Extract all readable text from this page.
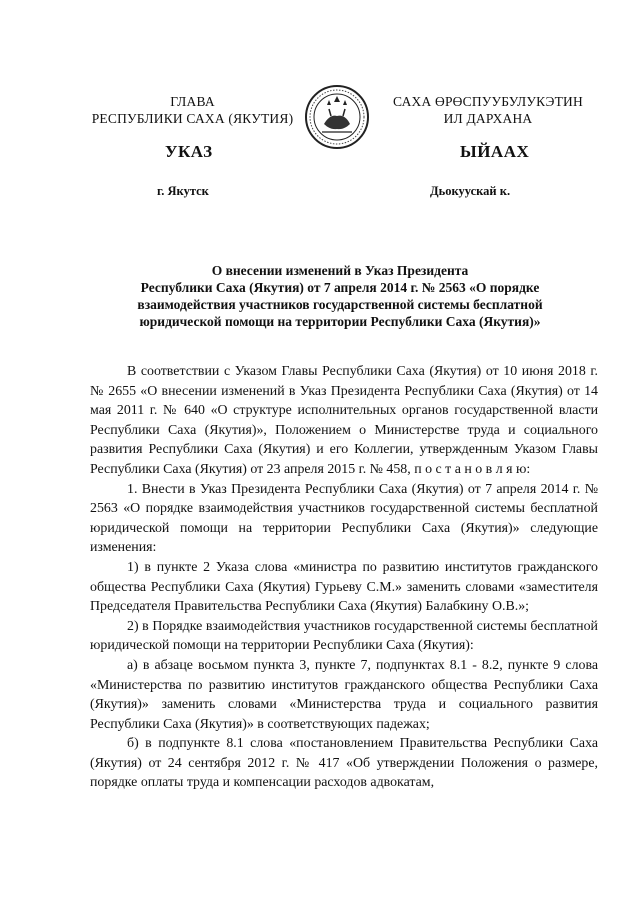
ГЛАВА
РЕСПУБЛИКИ САХА (ЯКУТИЯ)
САХА ӨРӨСПУУБУЛУКЭТИН
ИЛ ДАРХАНА
УКАЗ	ЫЙААХ
г. Якутск	Дьокуускай к.
О внесении изменений в Указ Президента
Республики Саха (Якутия) от 7 апреля 2014 г. № 2563 «О порядке
взаимодействия участников государственной системы бесплатной
юридической помощи на территории Республики Саха (Якутия)»

В соответствии с Указом Главы Республики Саха (Якутия) от 10 июня 2018 г. № 2655 «О внесении изменений в Указ Президента Республики Саха (Якутия) от 14 мая 2011 г. № 640 «О структуре исполнительных органов государственной власти Республики Саха (Якутия)», Положением о Министерстве труда и социального развития Республики Саха (Якутия) и его Коллегии, утвержденным Указом Главы Республики Саха (Якутия) от 23 апреля 2015 г. № 458, п о с т а н о в л я ю:

1. Внести в Указ Президента Республики Саха (Якутия) от 7 апреля 2014 г. № 2563 «О порядке взаимодействия участников государственной системы бесплатной юридической помощи на территории Республики Саха (Якутия)» следующие изменения:

1) в пункте 2 Указа слова «министра по развитию институтов гражданского общества Республики Саха (Якутия) Гурьеву С.М.» заменить словами «заместителя Председателя Правительства Республики Саха (Якутия) Балабкину О.В.»;

2) в Порядке взаимодействия участников государственной системы бесплатной юридической помощи на территории Республики Саха (Якутия):

а) в абзаце восьмом пункта 3, пункте 7, подпунктах 8.1 - 8.2, пункте 9 слова «Министерства по развитию институтов гражданского общества Республики Саха (Якутия)» заменить словами «Министерства труда и социального развития Республики Саха (Якутия)» в соответствующих падежах;

б) в подпункте 8.1 слова «постановлением Правительства Республики Саха (Якутия) от 24 сентября 2012 г. № 417 «Об утверждении Положения о размере, порядке оплаты труда и компенсации расходов адвокатам,
